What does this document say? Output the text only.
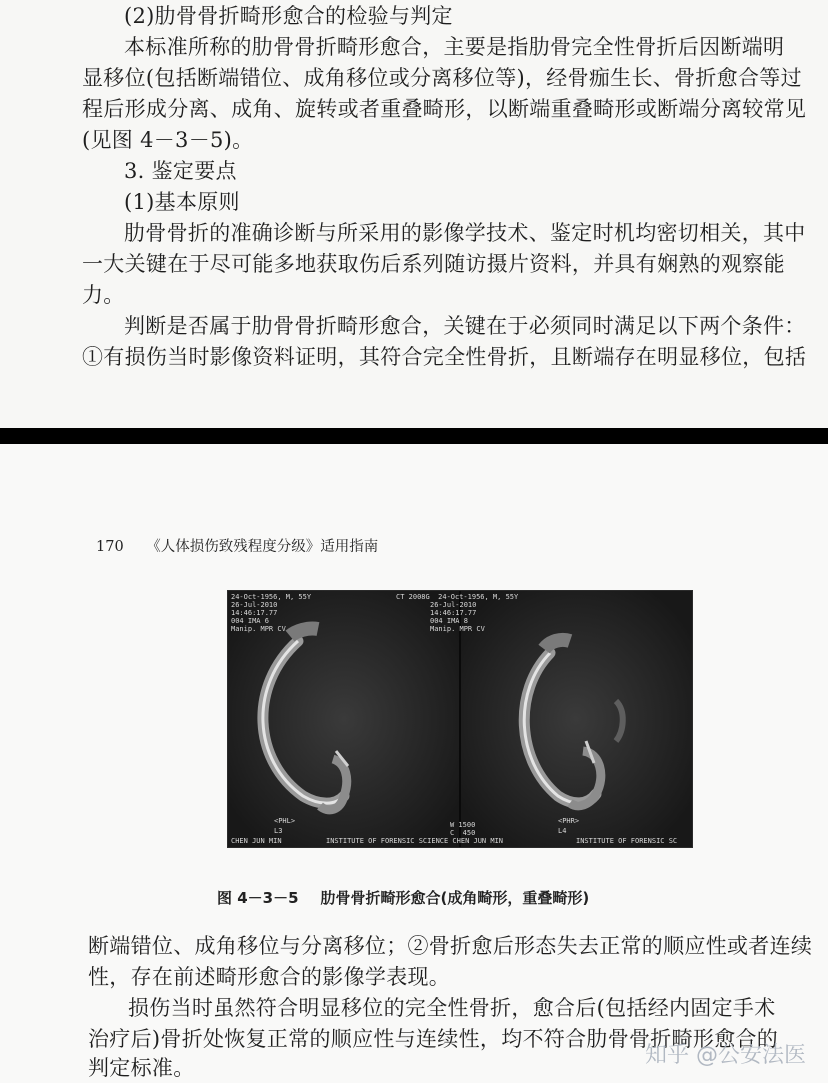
(2)肋骨骨折畸形愈合的检验与判定
本标准所称的肋骨骨折畸形愈合，主要是指肋骨完全性骨折后因断端明
显移位(包括断端错位、成角移位或分离移位等)，经骨痂生长、骨折愈合等过
程后形成分离、成角、旋转或者重叠畸形，以断端重叠畸形或断端分离较常见
(见图 4－3－5)。
3. 鉴定要点
(1)基本原则
肋骨骨折的准确诊断与所采用的影像学技术、鉴定时机均密切相关，其中
一大关键在于尽可能多地获取伤后系列随访摄片资料，并具有娴熟的观察能
力。
判断是否属于肋骨骨折畸形愈合，关键在于必须同时满足以下两个条件：
①有损伤当时影像资料证明，其符合完全性骨折，且断端存在明显移位，包括
170 《人体损伤致残程度分级》适用指南
24-Oct-1956, M, 55Y
26-Jul-2010
14:46:17.77
004 IMA 6
Manip. MPR CV
CT 2008G  24-Oct-1956, M, 55Y
26-Jul-2010
14:46:17.77
004 IMA 8
Manip. MPR CV
<PHL>	<PHR>
L3	L4
W 1500
C  450
CHEN JUN MIN	INSTITUTE OF FORENSIC SCIENCE CHEN JUN MIN	INSTITUTE OF FORENSIC SC
图 4－3－5 肋骨骨折畸形愈合(成角畸形，重叠畸形)
断端错位、成角移位与分离移位；②骨折愈后形态失去正常的顺应性或者连续
性，存在前述畸形愈合的影像学表现。
损伤当时虽然符合明显移位的完全性骨折，愈合后(包括经内固定手术
治疗后)骨折处恢复正常的顺应性与连续性，均不符合肋骨骨折畸形愈合的
判定标准。	知乎 @公安法医
